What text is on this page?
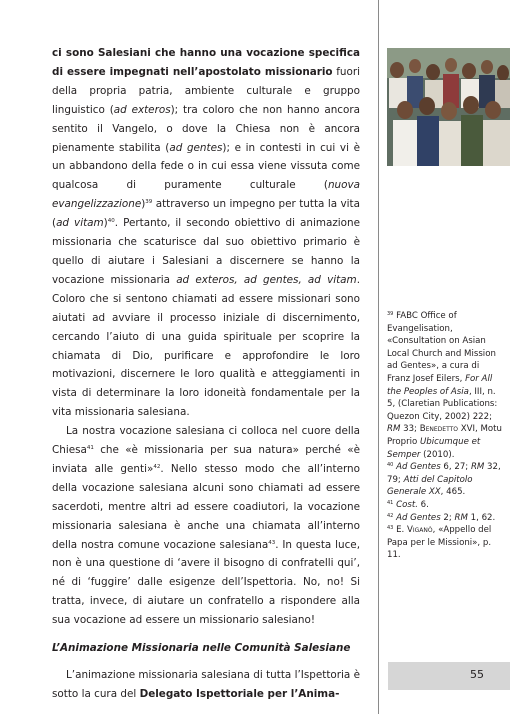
ci sono Salesiani che hanno una vocazione specifica di essere impegnati nell’apostolato missionario fuori della propria patria, ambiente culturale e gruppo linguistico (ad exteros); tra coloro che non hanno ancora sentito il Vangelo, o dove la Chiesa non è ancora pienamente stabilita (ad gentes); e in contesti in cui vi è un abbandono della fede o in cui essa viene vissuta come qualcosa di puramente culturale (nuova evangelizzazione)$^{39}$ attraverso un impegno per tutta la vita (ad vitam)$^{40}$. Pertanto, il secondo obiettivo di animazione missionaria che scaturisce dal suo obiettivo primario è quello di aiutare i Salesiani a discernere se hanno la vocazione missionaria ad exteros, ad gentes, ad vitam. Coloro che si sentono chiamati ad essere missionari sono aiutati ad avviare il processo iniziale di discernimento, cercando l’aiuto di una guida spirituale per scoprire la chiamata di Dio, purificare e approfondire le loro motivazioni, discernere le loro qualità e atteggiamenti in vista di determinare la loro idoneità fondamentale per la vita missionaria salesiana.

La nostra vocazione salesiana ci colloca nel cuore della Chiesa$^{41}$ che «è missionaria per sua natura» perché «è inviata alle genti»$^{42}$. Nello stesso modo che all’interno della vocazione salesiana alcuni sono chiamati ad essere sacerdoti, mentre altri ad essere coadiutori, la vocazione missionaria salesiana è anche una chiamata all’interno della nostra comune vocazione salesiana$^{43}$. In questa luce, non è una questione di ‘avere il bisogno di confratelli qui’, né di ‘fuggire’ dalle esigenze dell’Ispettoria. No, no! Si tratta, invece, di aiutare un confratello a rispondere alla sua vocazione ad essere un missionario salesiano!

L’Animazione Missionaria nelle Comunità Salesiane

L’animazione missionaria salesiana di tutta l’Ispettoria è sotto la cura del Delegato Ispettoriale per l’Anima-

$^{39}$ FABC Office of Evangelisation, «Consultation on Asian Local Church and Mission ad Gentes», a cura di Franz Josef Eilers, For All the Peoples of Asia, III, n. 5, (Claretian Publications: Quezon City, 2002) 222; RM 33; Benedetto XVI, Motu Proprio Ubicumque et Semper (2010).

$^{40}$ Ad Gentes 6, 27; RM 32, 79; Atti del Capitolo Generale XX, 465.

$^{41}$ Cost. 6.

$^{42}$ Ad Gentes 2; RM 1, 62.

$^{43}$ E. Viganò, «Appello del Papa per le Missioni», p. 11.

55
